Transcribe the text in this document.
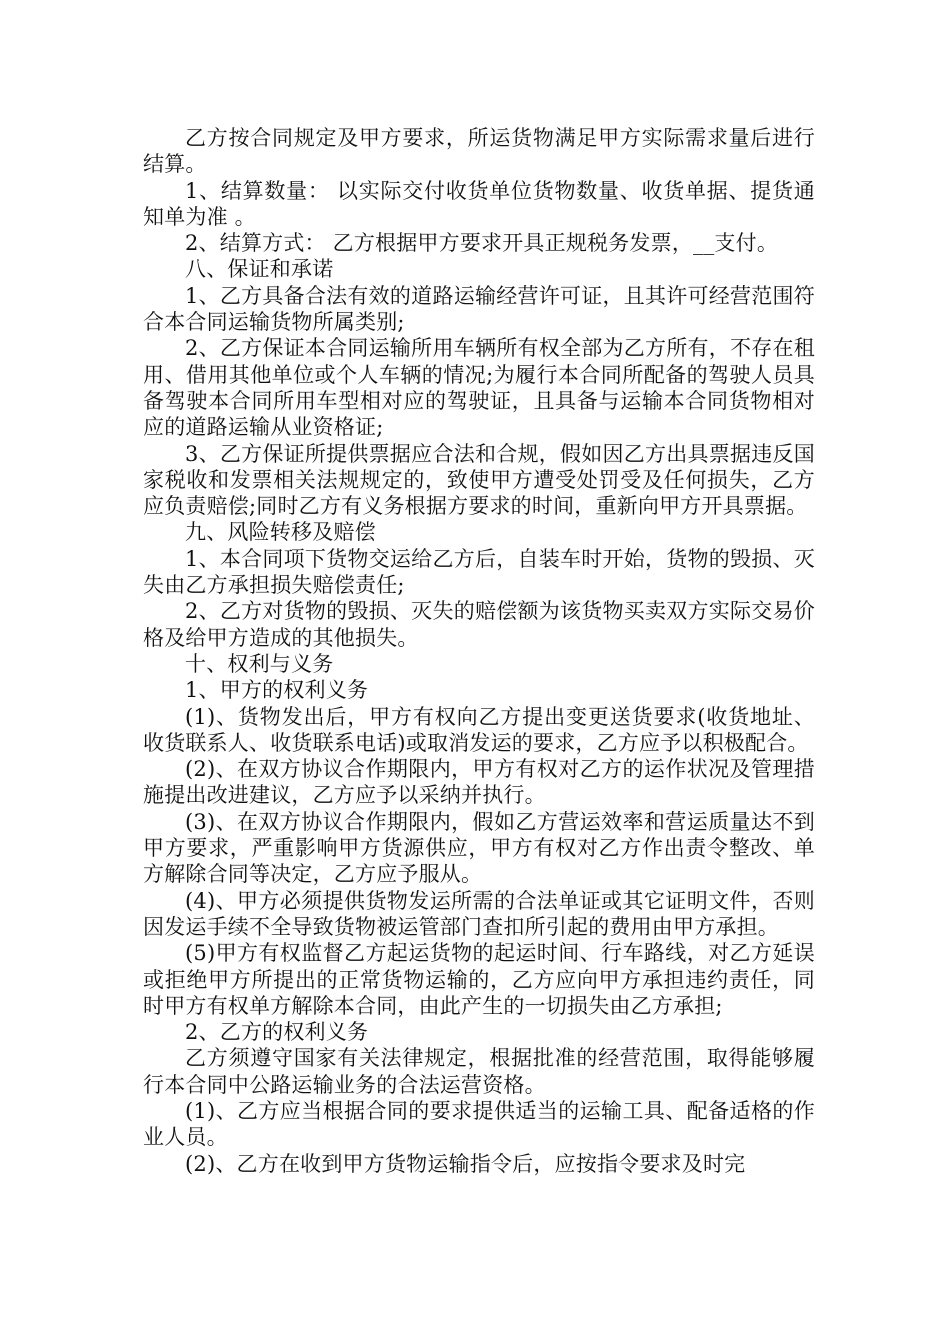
乙方按合同规定及甲方要求，所运货物满足甲方实际需求量后进行结算。

1、结算数量： 以实际交付收货单位货物数量、收货单据、提货通知单为准 。

2、结算方式： 乙方根据甲方要求开具正规税务发票，__支付。

八、保证和承诺

1、乙方具备合法有效的道路运输经营许可证，且其许可经营范围符合本合同运输货物所属类别;

2、乙方保证本合同运输所用车辆所有权全部为乙方所有，不存在租用、借用其他单位或个人车辆的情况;为履行本合同所配备的驾驶人员具备驾驶本合同所用车型相对应的驾驶证，且具备与运输本合同货物相对应的道路运输从业资格证;

3、乙方保证所提供票据应合法和合规，假如因乙方出具票据违反国家税收和发票相关法规规定的，致使甲方遭受处罚受及任何损失，乙方应负责赔偿;同时乙方有义务根据方要求的时间，重新向甲方开具票据。

九、风险转移及赔偿

1、本合同项下货物交运给乙方后，自装车时开始，货物的毁损、灭失由乙方承担损失赔偿责任;

2、乙方对货物的毁损、灭失的赔偿额为该货物买卖双方实际交易价格及给甲方造成的其他损失。

十、权利与义务

1、甲方的权利义务

(1)、货物发出后，甲方有权向乙方提出变更送货要求(收货地址、收货联系人、收货联系电话)或取消发运的要求，乙方应予以积极配合。

(2)、在双方协议合作期限内，甲方有权对乙方的运作状况及管理措施提出改进建议，乙方应予以采纳并执行。

(3)、在双方协议合作期限内，假如乙方营运效率和营运质量达不到甲方要求，严重影响甲方货源供应，甲方有权对乙方作出责令整改、单方解除合同等决定，乙方应予服从。

(4)、甲方必须提供货物发运所需的合法单证或其它证明文件，否则因发运手续不全导致货物被运管部门查扣所引起的费用由甲方承担。

(5)甲方有权监督乙方起运货物的起运时间、行车路线，对乙方延误或拒绝甲方所提出的正常货物运输的，乙方应向甲方承担违约责任，同时甲方有权单方解除本合同，由此产生的一切损失由乙方承担;

2、乙方的权利义务

乙方须遵守国家有关法律规定，根据批准的经营范围，取得能够履行本合同中公路运输业务的合法运营资格。

(1)、乙方应当根据合同的要求提供适当的运输工具、配备适格的作业人员。

(2)、乙方在收到甲方货物运输指令后，应按指令要求及时完
